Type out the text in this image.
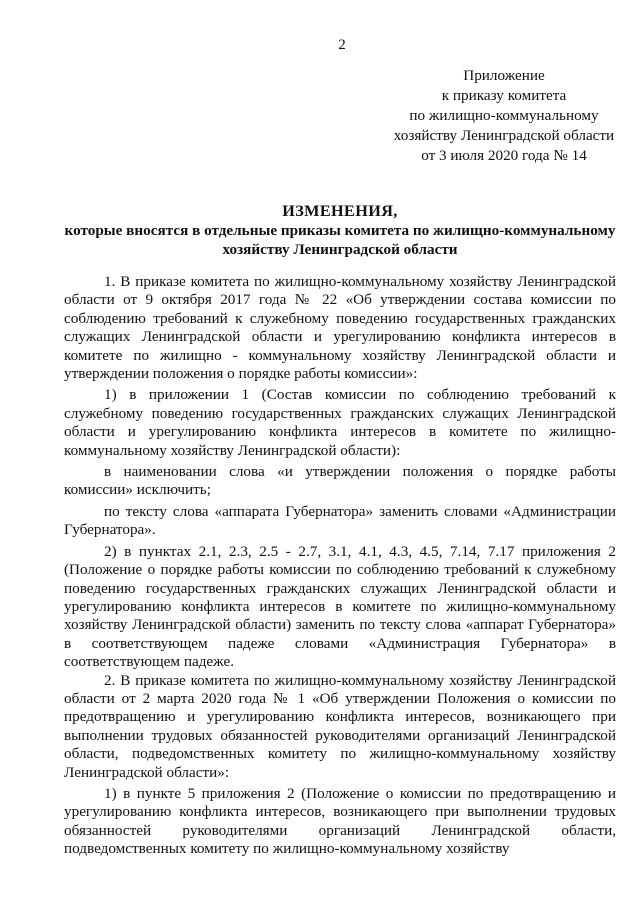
2
Приложение
к приказу комитета
по жилищно-коммунальному
хозяйству Ленинградской области
от 3 июля 2020 года № 14
ИЗМЕНЕНИЯ,
которые вносятся в отдельные приказы комитета по жилищно-коммунальному хозяйству Ленинградской области

1. В приказе комитета по жилищно-коммунальному хозяйству Ленинградской области от 9 октября 2017 года № 22 «Об утверждении состава комиссии по соблюдению требований к служебному поведению государственных гражданских служащих Ленинградской области и урегулированию конфликта интересов в комитете по жилищно - коммунальному хозяйству Ленинградской области и утверждении положения о порядке работы комиссии»:

1) в приложении 1 (Состав комиссии по соблюдению требований к служебному поведению государственных гражданских служащих Ленинградской области и урегулированию конфликта интересов в комитете по жилищно-коммунальному хозяйству Ленинградской области):

в наименовании слова «и утверждении положения о порядке работы комиссии» исключить;

по тексту слова «аппарата Губернатора» заменить словами «Администрации Губернатора».

2) в пунктах 2.1, 2.3, 2.5 - 2.7, 3.1, 4.1, 4.3, 4.5, 7.14, 7.17 приложения 2 (Положение о порядке работы комиссии по соблюдению требований к служебному поведению государственных гражданских служащих Ленинградской области и урегулированию конфликта интересов в комитете по жилищно-коммунальному хозяйству Ленинградской области) заменить по тексту слова «аппарат Губернатора» в соответствующем падеже словами «Администрация Губернатора» в соответствующем падеже.

2. В приказе комитета по жилищно-коммунальному хозяйству Ленинградской области от 2 марта 2020 года № 1 «Об утверждении Положения о комиссии по предотвращению и урегулированию конфликта интересов, возникающего при выполнении трудовых обязанностей руководителями организаций Ленинградской области, подведомственных комитету по жилищно-коммунальному хозяйству Ленинградской области»:

1) в пункте 5 приложения 2 (Положение о комиссии по предотвращению и урегулированию конфликта интересов, возникающего при выполнении трудовых обязанностей руководителями организаций Ленинградской области, подведомственных комитету по жилищно-коммунальному хозяйству
